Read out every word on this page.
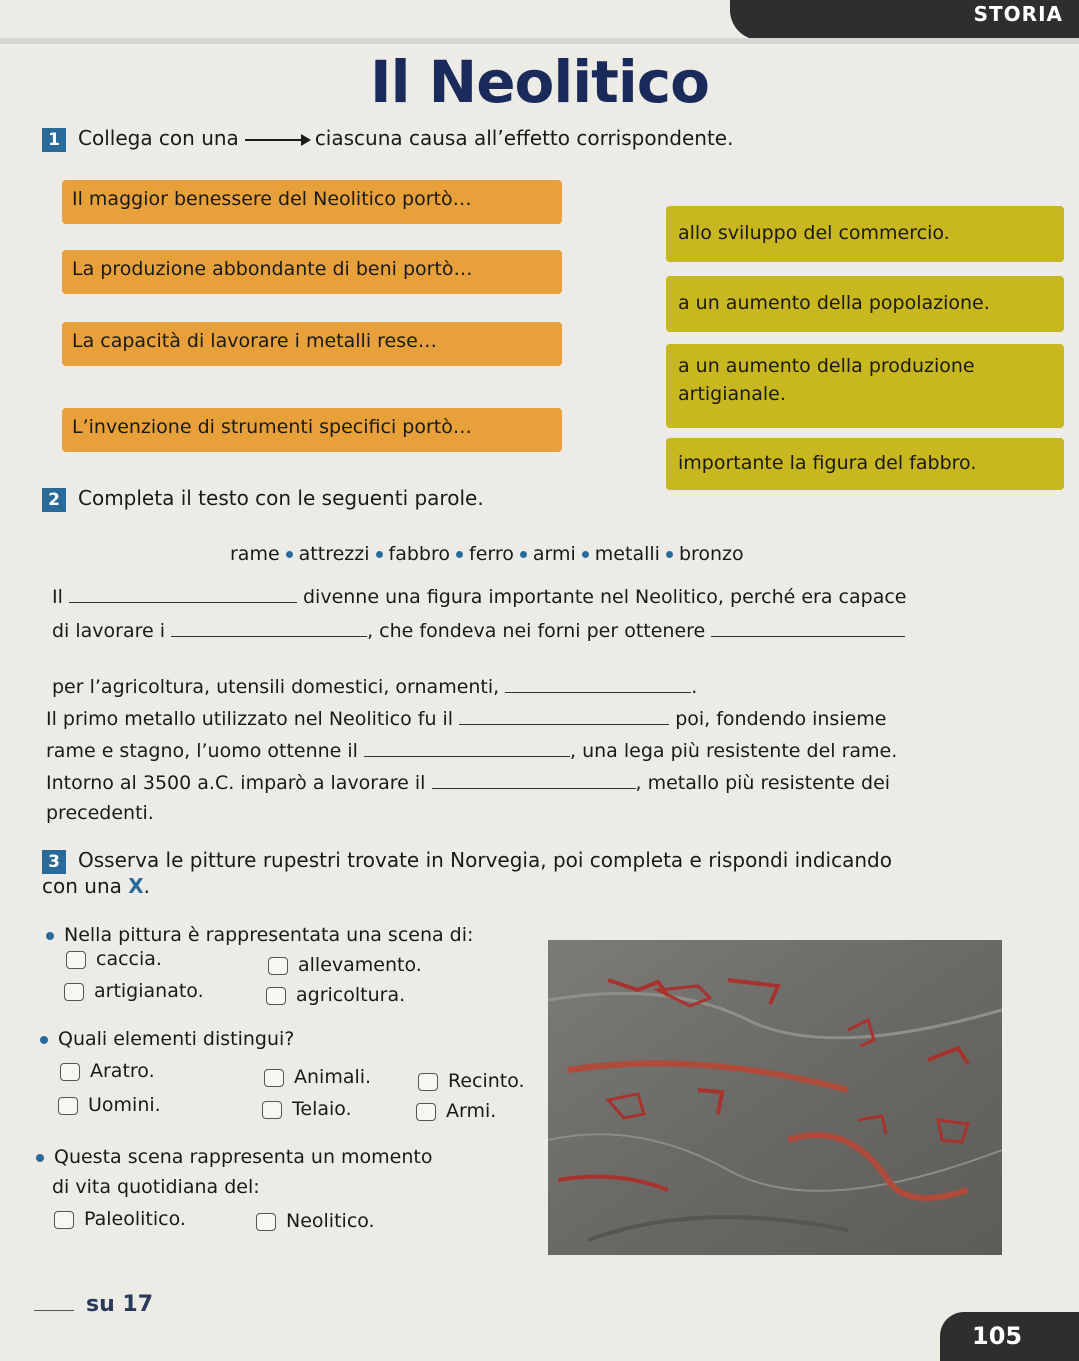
STORIA
Il Neolitico
1 Collega con una	ciascuna causa all’effetto corrispondente.
Il maggior benessere del Neolitico portò…
La produzione abbondante di beni portò…
La capacità di lavorare i metalli rese…
L’invenzione di strumenti specifici portò…
allo sviluppo del commercio.
a un aumento della popolazione.
a un aumento della produzione artigianale.
importante la figura del fabbro.
2 Completa il testo con le seguenti parole.
rame attrezzi fabbro ferro armi metalli bronzo
Il	divenne una figura importante nel Neolitico, perché era capace
di lavorare i	, che fondeva nei forni per ottenere
per l’agricoltura, utensili domestici, ornamenti,	.
Il primo metallo utilizzato nel Neolitico fu il	poi, fondendo insieme
rame e stagno, l’uomo ottenne il	, una lega più resistente del rame.
Intorno al 3500 a.C. imparò a lavorare il	, metallo più resistente dei
precedenti.
3 Osserva le pitture rupestri trovate in Norvegia, poi completa e rispondi indicando
con una X.
Nella pittura è rappresentata una scena di:
caccia.	allevamento.
artigianato.	agricoltura.
Quali elementi distingui?
Aratro.	Animali.	Recinto.
Uomini.	Telaio.	Armi.
Questa scena rappresenta un momento
di vita quotidiana del:
Paleolitico.	Neolitico.
su 17
105
